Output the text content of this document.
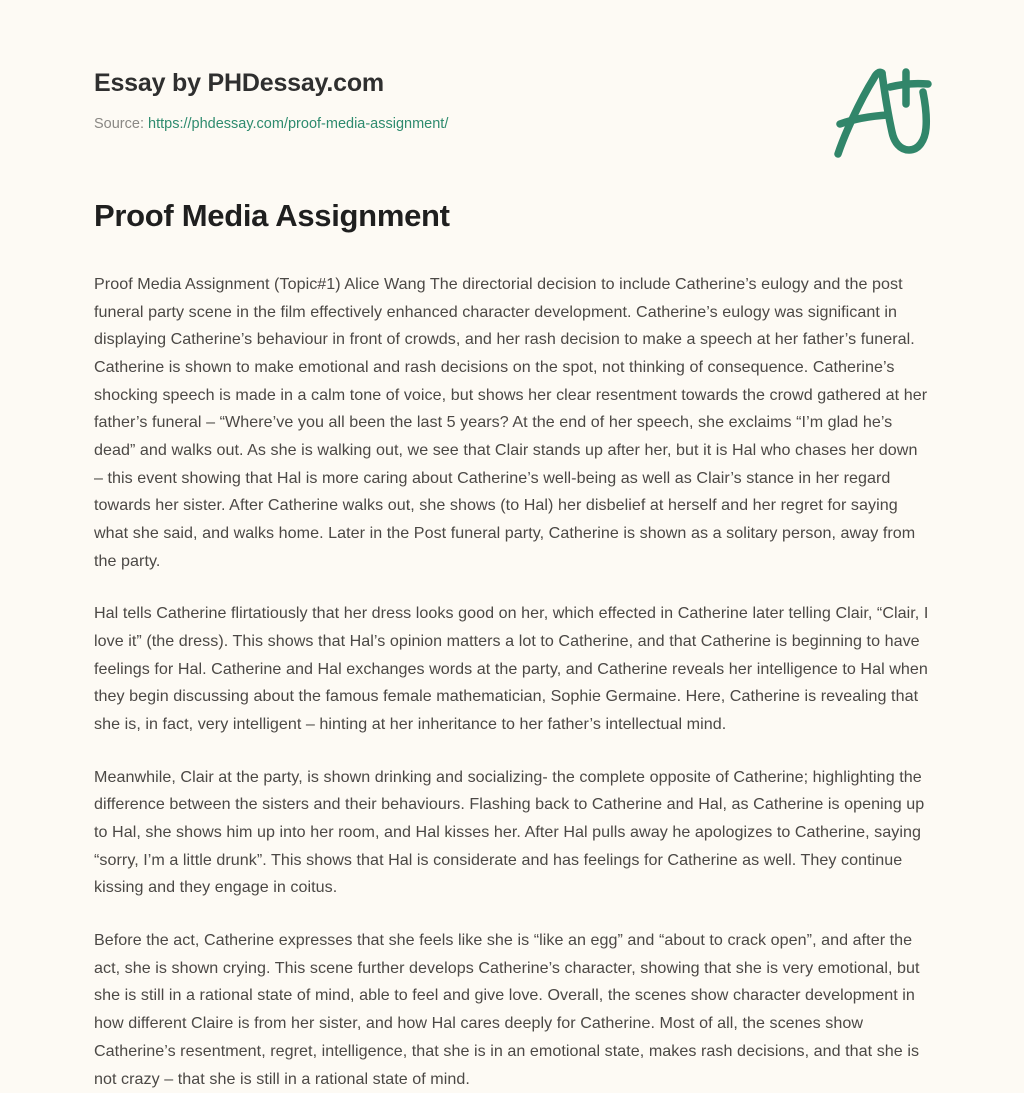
Essay by PHDessay.com
Source: https://phdessay.com/proof-media-assignment/
Proof Media Assignment

Proof Media Assignment (Topic#1) Alice Wang The directorial decision to include Catherine’s eulogy and the post funeral party scene in the film effectively enhanced character development. Catherine’s eulogy was significant in displaying Catherine’s behaviour in front of crowds, and her rash decision to make a speech at her father’s funeral. Catherine is shown to make emotional and rash decisions on the spot, not thinking of consequence. Catherine’s shocking speech is made in a calm tone of voice, but shows her clear resentment towards the crowd gathered at her father’s funeral – “Where’ve you all been the last 5 years? At the end of her speech, she exclaims “I’m glad he’s dead” and walks out. As she is walking out, we see that Clair stands up after her, but it is Hal who chases her down – this event showing that Hal is more caring about Catherine’s well-being as well as Clair’s stance in her regard towards her sister. After Catherine walks out, she shows (to Hal) her disbelief at herself and her regret for saying what she said, and walks home. Later in the Post funeral party, Catherine is shown as a solitary person, away from the party.

Hal tells Catherine flirtatiously that her dress looks good on her, which effected in Catherine later telling Clair, “Clair, I love it” (the dress). This shows that Hal’s opinion matters a lot to Catherine, and that Catherine is beginning to have feelings for Hal. Catherine and Hal exchanges words at the party, and Catherine reveals her intelligence to Hal when they begin discussing about the famous female mathematician, Sophie Germaine. Here, Catherine is revealing that she is, in fact, very intelligent – hinting at her inheritance to her father’s intellectual mind.

Meanwhile, Clair at the party, is shown drinking and socializing- the complete opposite of Catherine; highlighting the difference between the sisters and their behaviours. Flashing back to Catherine and Hal, as Catherine is opening up to Hal, she shows him up into her room, and Hal kisses her. After Hal pulls away he apologizes to Catherine, saying “sorry, I’m a little drunk”. This shows that Hal is considerate and has feelings for Catherine as well. They continue kissing and they engage in coitus.

Before the act, Catherine expresses that she feels like she is “like an egg” and “about to crack open”, and after the act, she is shown crying. This scene further develops Catherine’s character, showing that she is very emotional, but she is still in a rational state of mind, able to feel and give love. Overall, the scenes show character development in how different Claire is from her sister, and how Hal cares deeply for Catherine. Most of all, the scenes show Catherine’s resentment, regret, intelligence, that she is in an emotional state, makes rash decisions, and that she is not crazy – that she is still in a rational state of mind.
